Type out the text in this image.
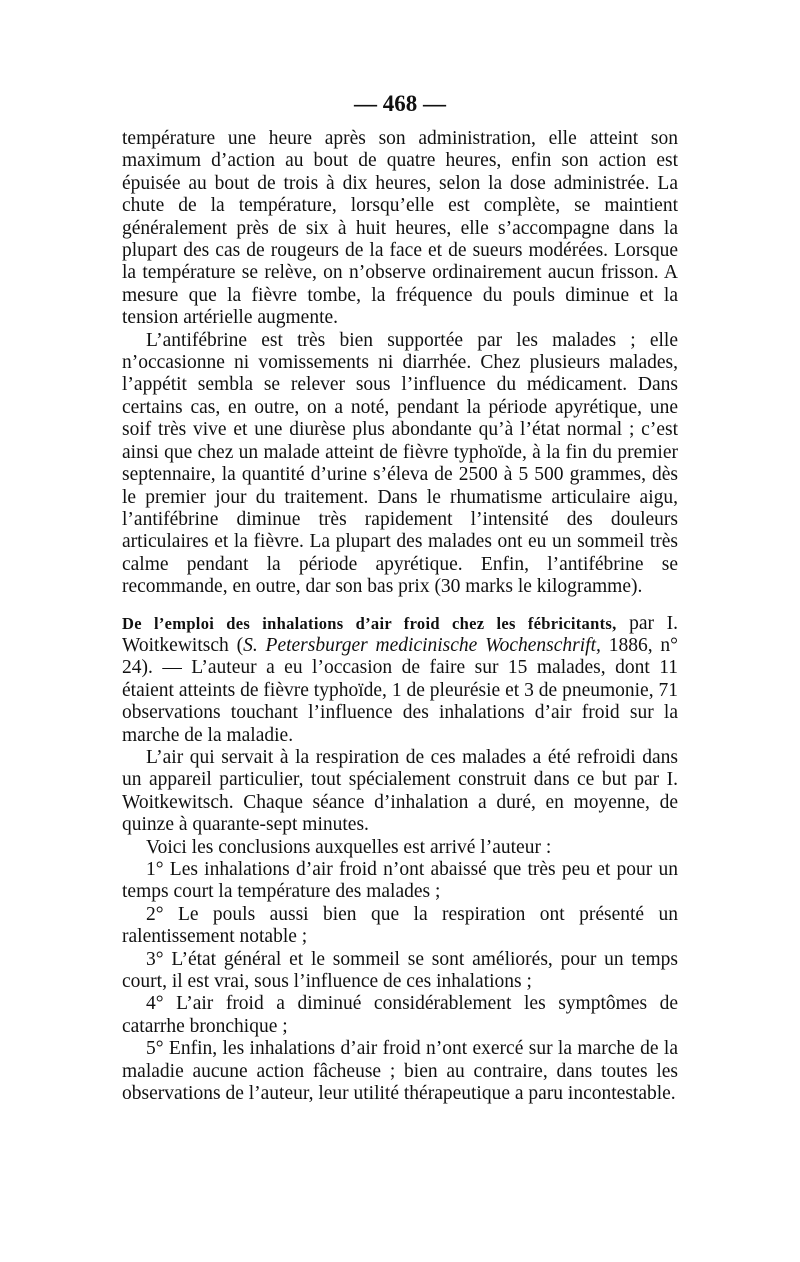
— 468 —

température une heure après son administration, elle atteint son maximum d’action au bout de quatre heures, enfin son action est épuisée au bout de trois à dix heures, selon la dose administrée. La chute de la température, lorsqu’elle est complète, se maintient généralement près de six à huit heures, elle s’accompagne dans la plupart des cas de rougeurs de la face et de sueurs modérées. Lorsque la température se relève, on n’observe ordinairement aucun frisson. A mesure que la fièvre tombe, la fréquence du pouls diminue et la tension artérielle augmente.

L’antifébrine est très bien supportée par les malades ; elle n’occasionne ni vomissements ni diarrhée. Chez plusieurs malades, l’appétit sembla se relever sous l’influence du médicament. Dans certains cas, en outre, on a noté, pendant la période apyrétique, une soif très vive et une diurèse plus abondante qu’à l’état normal ; c’est ainsi que chez un malade atteint de fièvre typhoïde, à la fin du premier septennaire, la quantité d’urine s’éleva de 2500 à 5 500 grammes, dès le premier jour du traitement. Dans le rhumatisme articulaire aigu, l’antifébrine diminue très rapidement l’intensité des douleurs articulaires et la fièvre. La plupart des malades ont eu un sommeil très calme pendant la période apyrétique. Enfin, l’antifébrine se recommande, en outre, dar son bas prix (30 marks le kilogramme).

De l’emploi des inhalations d’air froid chez les fébricitants, par I. Woitkewitsch (S. Petersburger medicinische Wochenschrift, 1886, n° 24). — L’auteur a eu l’occasion de faire sur 15 malades, dont 11 étaient atteints de fièvre typhoïde, 1 de pleurésie et 3 de pneumonie, 71 observations touchant l’influence des inhalations d’air froid sur la marche de la maladie.

L’air qui servait à la respiration de ces malades a été refroidi dans un appareil particulier, tout spécialement construit dans ce but par I. Woitkewitsch. Chaque séance d’inhalation a duré, en moyenne, de quinze à quarante-sept minutes.

Voici les conclusions auxquelles est arrivé l’auteur :

1° Les inhalations d’air froid n’ont abaissé que très peu et pour un temps court la température des malades ;

2° Le pouls aussi bien que la respiration ont présenté un ralentissement notable ;

3° L’état général et le sommeil se sont améliorés, pour un temps court, il est vrai, sous l’influence de ces inhalations ;

4° L’air froid a diminué considérablement les symptômes de catarrhe bronchique ;

5° Enfin, les inhalations d’air froid n’ont exercé sur la marche de la maladie aucune action fâcheuse ; bien au contraire, dans toutes les observations de l’auteur, leur utilité thérapeutique a paru incontestable.
